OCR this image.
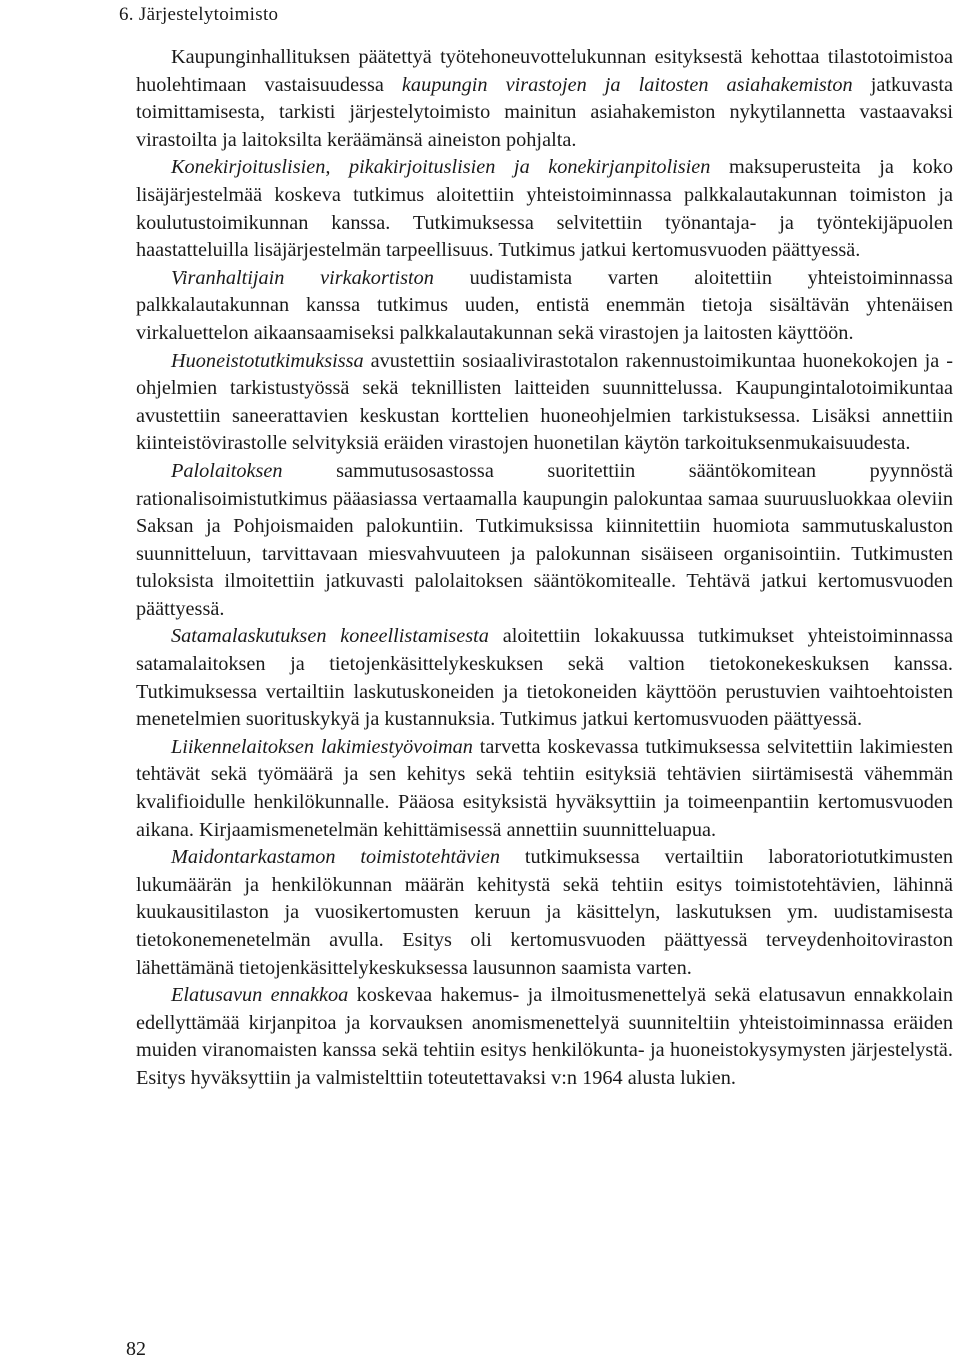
6. Järjestelytoimisto

Kaupunginhallituksen päätettyä työtehoneuvottelukunnan esityksestä kehottaa tilastotoimistoa huolehtimaan vastaisuudessa kaupungin virastojen ja laitosten asiahakemiston jatkuvasta toimittamisesta, tarkisti järjestelytoimisto mainitun asiahakemiston nykytilannetta vastaavaksi virastoilta ja laitoksilta keräämänsä aineiston pohjalta.

Konekirjoituslisien, pikakirjoituslisien ja konekirjanpitolisien maksuperusteita ja koko lisäjärjestelmää koskeva tutkimus aloitettiin yhteistoiminnassa palkkalautakunnan toimiston ja koulutustoimikunnan kanssa. Tutkimuksessa selvitettiin työnantaja- ja työntekijäpuolen haastatteluilla lisäjärjestelmän tarpeellisuus. Tutkimus jatkui kertomusvuoden päättyessä.

Viranhaltijain virkakortiston uudistamista varten aloitettiin yhteistoiminnassa palkkalautakunnan kanssa tutkimus uuden, entistä enemmän tietoja sisältävän yhtenäisen virkaluettelon aikaansaamiseksi palkkalautakunnan sekä virastojen ja laitosten käyttöön.

Huoneistotutkimuksissa avustettiin sosiaalivirastotalon rakennustoimikuntaa huonekokojen ja -ohjelmien tarkistustyössä sekä teknillisten laitteiden suunnittelussa. Kaupungintalotoimikuntaa avustettiin saneerattavien keskustan korttelien huoneohjelmien tarkistuksessa. Lisäksi annettiin kiinteistövirastolle selvityksiä eräiden virastojen huonetilan käytön tarkoituksenmukaisuudesta.

Palolaitoksen sammutusosastossa suoritettiin sääntökomitean pyynnöstä rationalisoimistutkimus pääasiassa vertaamalla kaupungin palokuntaa samaa suuruusluokkaa oleviin Saksan ja Pohjoismaiden palokuntiin. Tutkimuksissa kiinnitettiin huomiota sammutuskaluston suunnitteluun, tarvittavaan miesvahvuuteen ja palokunnan sisäiseen organisointiin. Tutkimusten tuloksista ilmoitettiin jatkuvasti palolaitoksen sääntökomitealle. Tehtävä jatkui kertomusvuoden päättyessä.

Satamalaskutuksen koneellistamisesta aloitettiin lokakuussa tutkimukset yhteistoiminnassa satamalaitoksen ja tietojenkäsittelykeskuksen sekä valtion tietokonekeskuksen kanssa. Tutkimuksessa vertailtiin laskutuskoneiden ja tietokoneiden käyttöön perustuvien vaihtoehtoisten menetelmien suorituskykyä ja kustannuksia. Tutkimus jatkui kertomusvuoden päättyessä.

Liikennelaitoksen lakimiestyövoiman tarvetta koskevassa tutkimuksessa selvitettiin lakimiesten tehtävät sekä työmäärä ja sen kehitys sekä tehtiin esityksiä tehtävien siirtämisestä vähemmän kvalifioidulle henkilökunnalle. Pääosa esityksistä hyväksyttiin ja toimeenpantiin kertomusvuoden aikana. Kirjaamismenetelmän kehittämisessä annettiin suunnitteluapua.

Maidontarkastamon toimistotehtävien tutkimuksessa vertailtiin laboratoriotutkimusten lukumäärän ja henkilökunnan määrän kehitystä sekä tehtiin esitys toimistotehtävien, lähinnä kuukausitilaston ja vuosikertomusten keruun ja käsittelyn, laskutuksen ym. uudistamisesta tietokonemenetelmän avulla. Esitys oli kertomusvuoden päättyessä terveydenhoitoviraston lähettämänä tietojenkäsittelykeskuksessa lausunnon saamista varten.

Elatusavun ennakkoa koskevaa hakemus- ja ilmoitusmenettelyä sekä elatusavun ennakkolain edellyttämää kirjanpitoa ja korvauksen anomismenettelyä suunniteltiin yhteistoiminnassa eräiden muiden viranomaisten kanssa sekä tehtiin esitys henkilökunta- ja huoneistokysymysten järjestelystä. Esitys hyväksyttiin ja valmistelttiin toteutettavaksi v:n 1964 alusta lukien.

82
